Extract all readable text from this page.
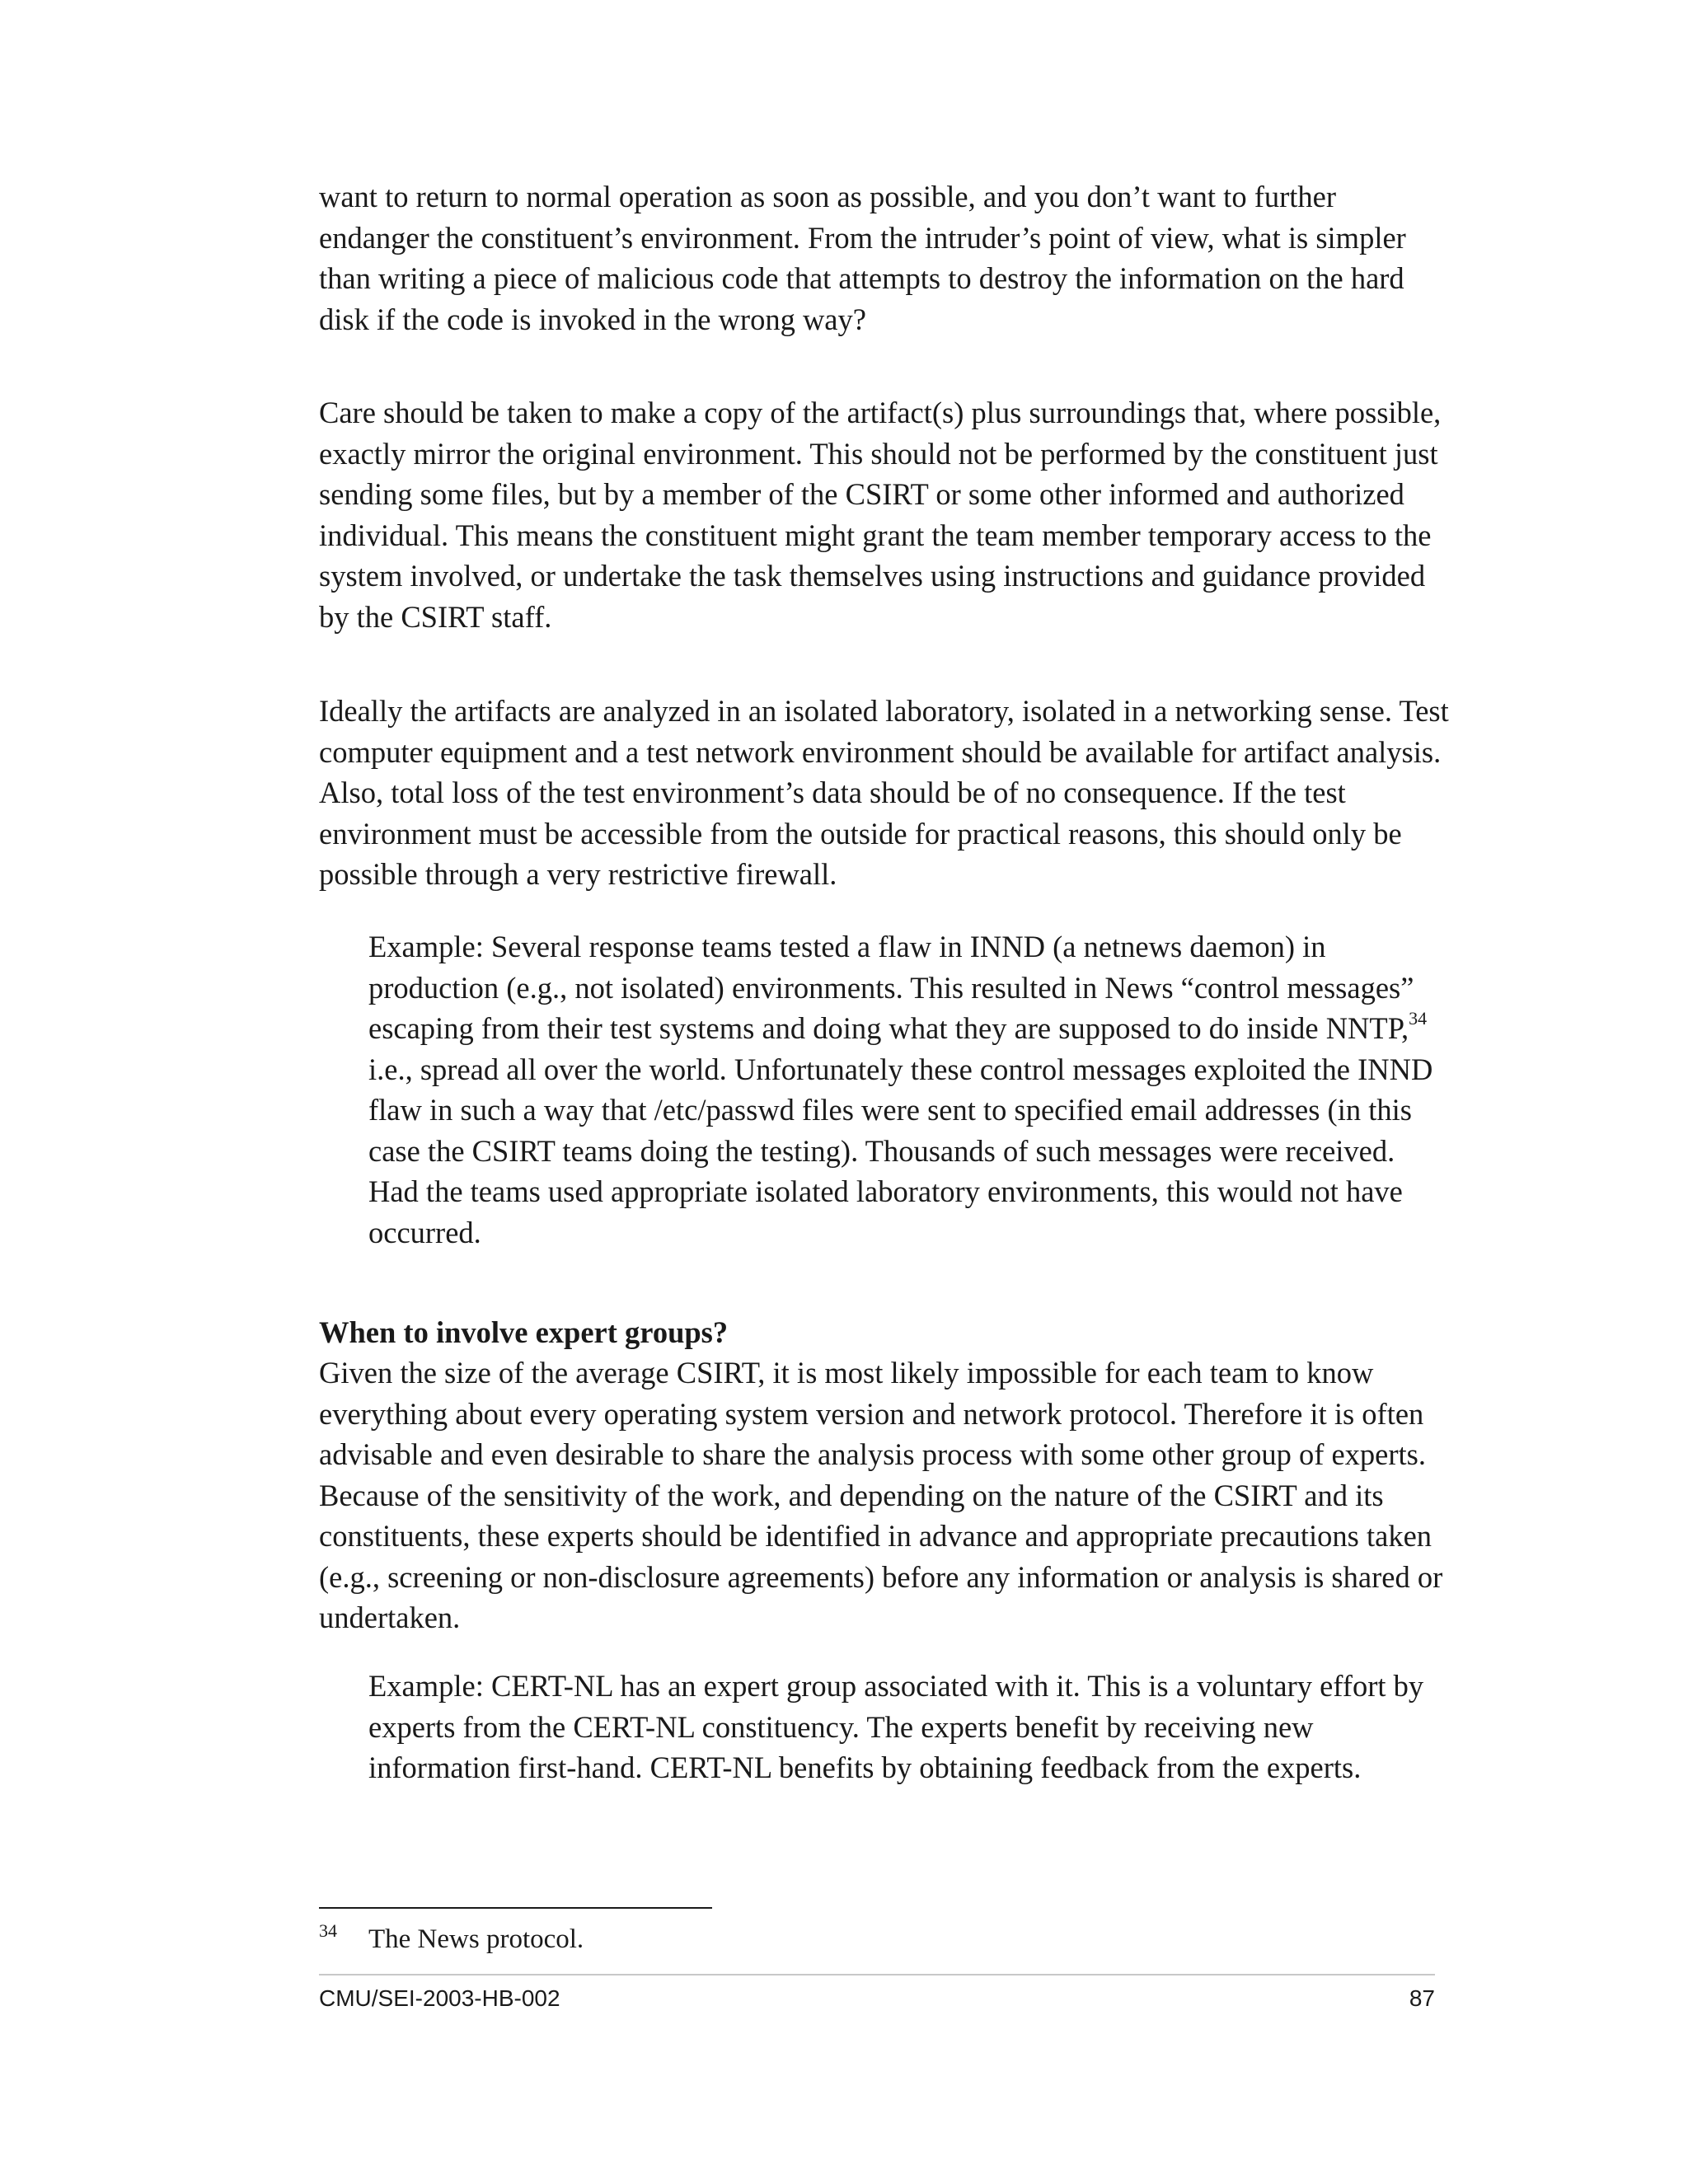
want to return to normal operation as soon as possible, and you don’t want to further
endanger the constituent’s environment. From the intruder’s point of view, what is simpler
than writing a piece of malicious code that attempts to destroy the information on the hard
disk if the code is invoked in the wrong way?

Care should be taken to make a copy of the artifact(s) plus surroundings that, where possible,
exactly mirror the original environment. This should not be performed by the constituent just
sending some files, but by a member of the CSIRT or some other informed and authorized
individual. This means the constituent might grant the team member temporary access to the
system involved, or undertake the task themselves using instructions and guidance provided
by the CSIRT staff.

Ideally the artifacts are analyzed in an isolated laboratory, isolated in a networking sense. Test
computer equipment and a test network environment should be available for artifact analysis.
Also, total loss of the test environment’s data should be of no consequence. If the test
environment must be accessible from the outside for practical reasons, this should only be
possible through a very restrictive firewall.

Example: Several response teams tested a flaw in INND (a netnews daemon) in
production (e.g., not isolated) environments. This resulted in News “control messages”
escaping from their test systems and doing what they are supposed to do inside NNTP,$^{34}$
i.e., spread all over the world. Unfortunately these control messages exploited the INND
flaw in such a way that /etc/passwd files were sent to specified email addresses (in this
case the CSIRT teams doing the testing). Thousands of such messages were received.
Had the teams used appropriate isolated laboratory environments, this would not have
occurred.

When to involve expert groups?

Given the size of the average CSIRT, it is most likely impossible for each team to know
everything about every operating system version and network protocol. Therefore it is often
advisable and even desirable to share the analysis process with some other group of experts.
Because of the sensitivity of the work, and depending on the nature of the CSIRT and its
constituents, these experts should be identified in advance and appropriate precautions taken
(e.g., screening or non-disclosure agreements) before any information or analysis is shared or
undertaken.

Example: CERT-NL has an expert group associated with it. This is a voluntary effort by
experts from the CERT-NL constituency. The experts benefit by receiving new
information first-hand. CERT-NL benefits by obtaining feedback from the experts.

34 The News protocol.
CMU/SEI-2003-HB-002	87
